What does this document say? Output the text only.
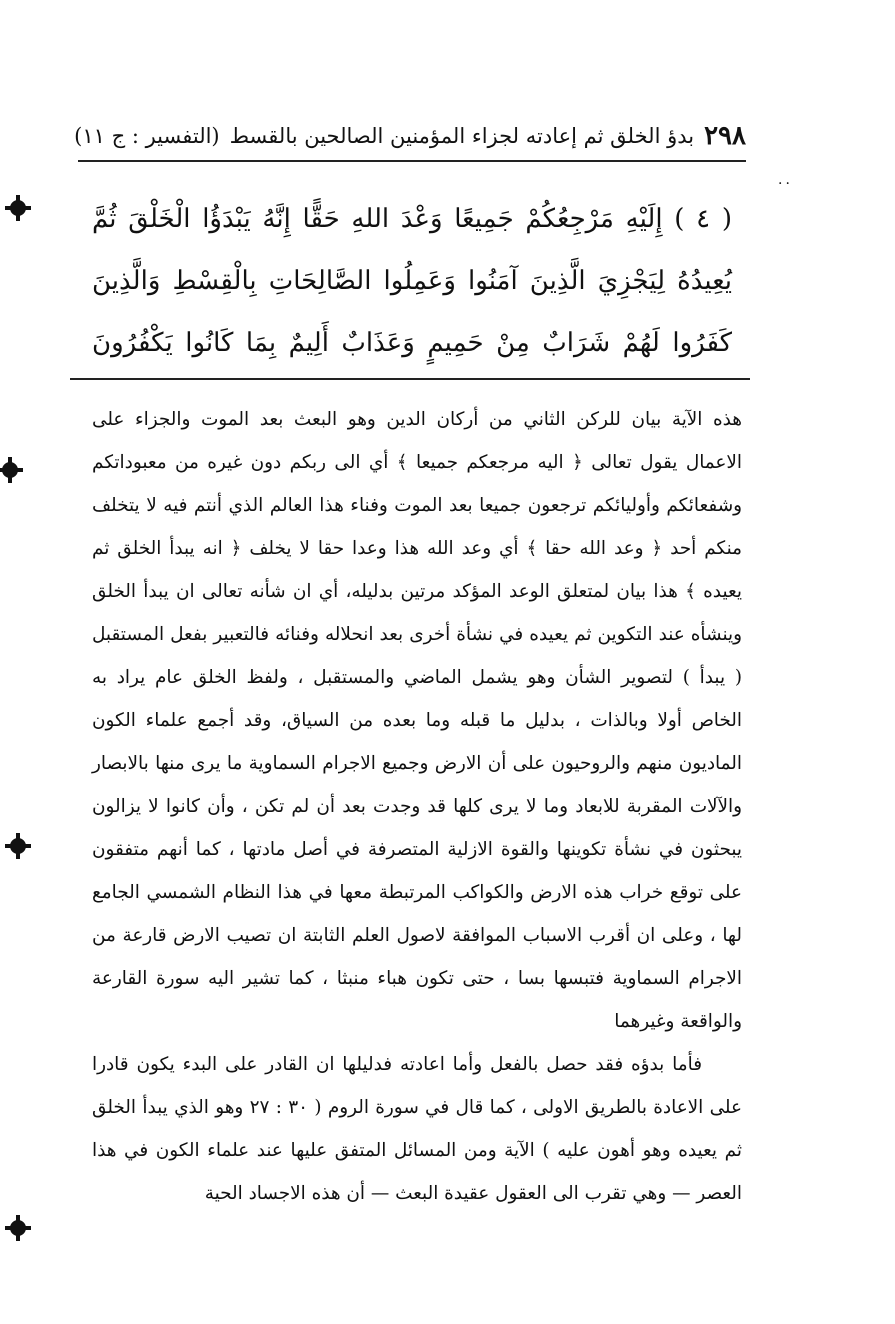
٢٩٨
بدؤ الخلق ثم إعادته لجزاء المؤمنين الصالحين بالقسط
(التفسير : ج ١١)
··
( ٤ ) إِلَيْهِ مَرْجِعُكُمْ جَمِيعًا وَعْدَ اللهِ حَقًّا إِنَّهُ يَبْدَؤُا الْخَلْقَ ثُمَّ يُعِيدُهُ لِيَجْزِيَ الَّذِينَ آمَنُوا وَعَمِلُوا الصَّالِحَاتِ بِالْقِسْطِ وَالَّذِينَ كَفَرُوا لَهُمْ شَرَابٌ مِنْ حَمِيمٍ وَعَذَابٌ أَلِيمٌ بِمَا كَانُوا يَكْفُرُونَ

هذه الآية بيان للركن الثاني من أركان الدين وهو البعث بعد الموت والجزاء على الاعمال يقول تعالى ﴿ اليه مرجعكم جميعا ﴾ أي الى ربكم دون غيره من معبوداتكم وشفعائكم وأوليائكم ترجعون جميعا بعد الموت وفناء هذا العالم الذي أنتم فيه لا يتخلف منكم أحد ﴿ وعد الله حقا ﴾ أي وعد الله هذا وعدا حقا لا يخلف ﴿ انه يبدأ الخلق ثم يعيده ﴾ هذا بيان لمتعلق الوعد المؤكد مرتين بدليله، أي ان شأنه تعالى ان يبدأ الخلق وينشأه عند التكوين ثم يعيده في نشأة أخرى بعد انحلاله وفنائه فالتعبير بفعل المستقبل ( يبدأ ) لتصوير الشأن وهو يشمل الماضي والمستقبل ، ولفظ الخلق عام يراد به الخاص أولا وبالذات ، بدليل ما قبله وما بعده من السياق، وقد أجمع علماء الكون الماديون منهم والروحيون على أن الارض وجميع الاجرام السماوية ما يرى منها بالابصار والآلات المقربة للابعاد وما لا يرى كلها قد وجدت بعد أن لم تكن ، وأن كانوا لا يزالون يبحثون في نشأة تكوينها والقوة الازلية المتصرفة في أصل مادتها ، كما أنهم متفقون على توقع خراب هذه الارض والكواكب المرتبطة معها في هذا النظام الشمسي الجامع لها ، وعلى ان أقرب الاسباب الموافقة لاصول العلم الثابتة ان تصيب الارض قارعة من الاجرام السماوية فتبسها بسا ، حتى تكون هباء منبثا ، كما تشير اليه سورة القارعة والواقعة وغيرهما

فأما بدؤه فقد حصل بالفعل وأما اعادته فدليلها ان القادر على البدء يكون قادرا على الاعادة بالطريق الاولى ، كما قال في سورة الروم ( ٣٠ : ٢٧ وهو الذي يبدأ الخلق ثم يعيده وهو أهون عليه ) الآية ومن المسائل المتفق عليها عند علماء الكون في هذا العصر — وهي تقرب الى العقول عقيدة البعث — أن هذه الاجساد الحية
